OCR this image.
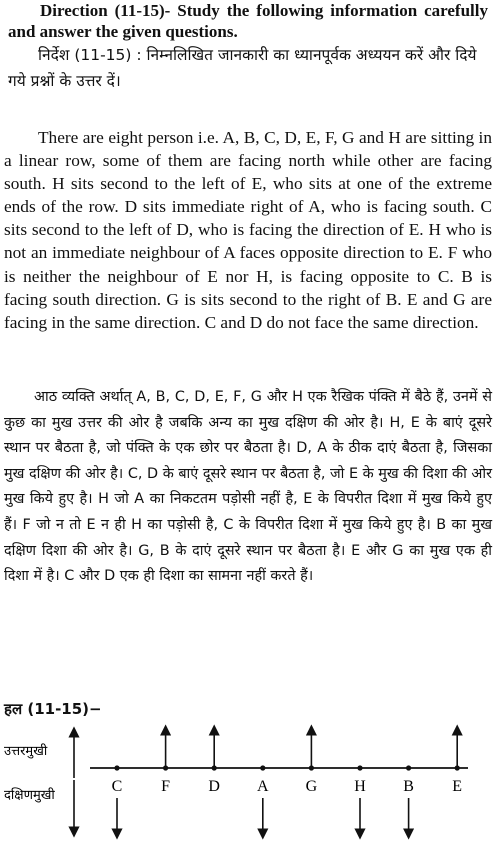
Direction (11-15)- Study the following information carefully and answer the given questions.
निर्देश (11-15) : निम्नलिखित जानकारी का ध्यानपूर्वक अध्ययन करें और दिये गये प्रश्नों के उत्तर दें।
There are eight person i.e. A, B, C, D, E, F, G and H are sitting in a linear row, some of them are facing north while other are facing south. H sits second to the left of E, who sits at one of the extreme ends of the row. D sits immediate right of A, who is facing south. C sits second to the left of D, who is facing the direction of E. H who is not an immediate neighbour of A faces opposite direction to E. F who is neither the neighbour of E nor H, is facing opposite to C. B is facing south direction. G is sits second to the right of B. E and G are facing in the same direction. C and D do not face the same direction.
आठ व्यक्ति अर्थात् A, B, C, D, E, F, G और H एक रैखिक पंक्ति में बैठे हैं, उनमें से कुछ का मुख उत्तर की ओर है जबकि अन्य का मुख दक्षिण की ओर है। H, E के बाएं दूसरे स्थान पर बैठता है, जो पंक्ति के एक छोर पर बैठता है। D, A के ठीक दाएं बैठता है, जिसका मुख दक्षिण की ओर है। C, D के बाएं दूसरे स्थान पर बैठता है, जो E के मुख की दिशा की ओर मुख किये हुए है। H जो A का निकटतम पड़ोसी नहीं है, E के विपरीत दिशा में मुख किये हुए हैं। F जो न तो E न ही H का पड़ोसी है, C के विपरीत दिशा में मुख किये हुए है। B का मुख दक्षिण दिशा की ओर है। G, B के दाएं दूसरे स्थान पर बैठता है। E और G का मुख एक ही दिशा में है। C और D एक ही दिशा का सामना नहीं करते हैं।
हल (11-15)−
उत्तरमुखी
दक्षिणमुखी
C F D A G H B E
